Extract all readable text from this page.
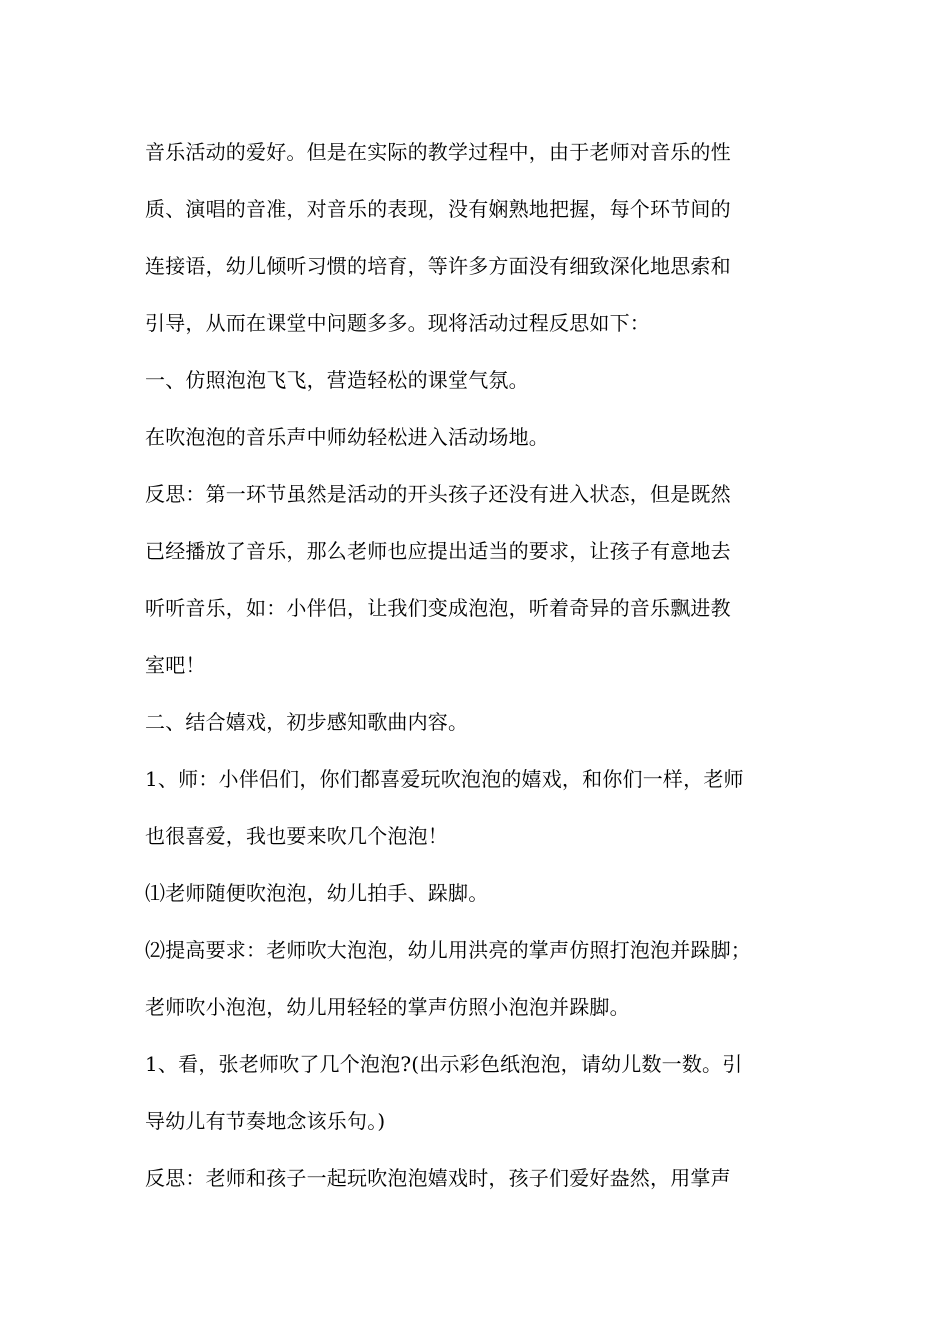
音乐活动的爱好。但是在实际的教学过程中，由于老师对音乐的性
质、演唱的音准，对音乐的表现，没有娴熟地把握，每个环节间的
连接语，幼儿倾听习惯的培育，等许多方面没有细致深化地思索和
引导，从而在课堂中问题多多。现将活动过程反思如下：
一、仿照泡泡飞飞，营造轻松的课堂气氛。
在吹泡泡的音乐声中师幼轻松进入活动场地。
反思：第一环节虽然是活动的开头孩子还没有进入状态，但是既然
已经播放了音乐，那么老师也应提出适当的要求，让孩子有意地去
听听音乐，如：小伴侣，让我们变成泡泡，听着奇异的音乐飘进教
室吧！
二、结合嬉戏，初步感知歌曲内容。
1、师：小伴侣们，你们都喜爱玩吹泡泡的嬉戏，和你们一样，老师
也很喜爱，我也要来吹几个泡泡！
⑴老师随便吹泡泡，幼儿拍手、跺脚。
⑵提高要求：老师吹大泡泡，幼儿用洪亮的掌声仿照打泡泡并跺脚；
老师吹小泡泡，幼儿用轻轻的掌声仿照小泡泡并跺脚。
1、看，张老师吹了几个泡泡?(出示彩色纸泡泡，请幼儿数一数。引
导幼儿有节奏地念该乐句。)
反思：老师和孩子一起玩吹泡泡嬉戏时，孩子们爱好盎然，用掌声
